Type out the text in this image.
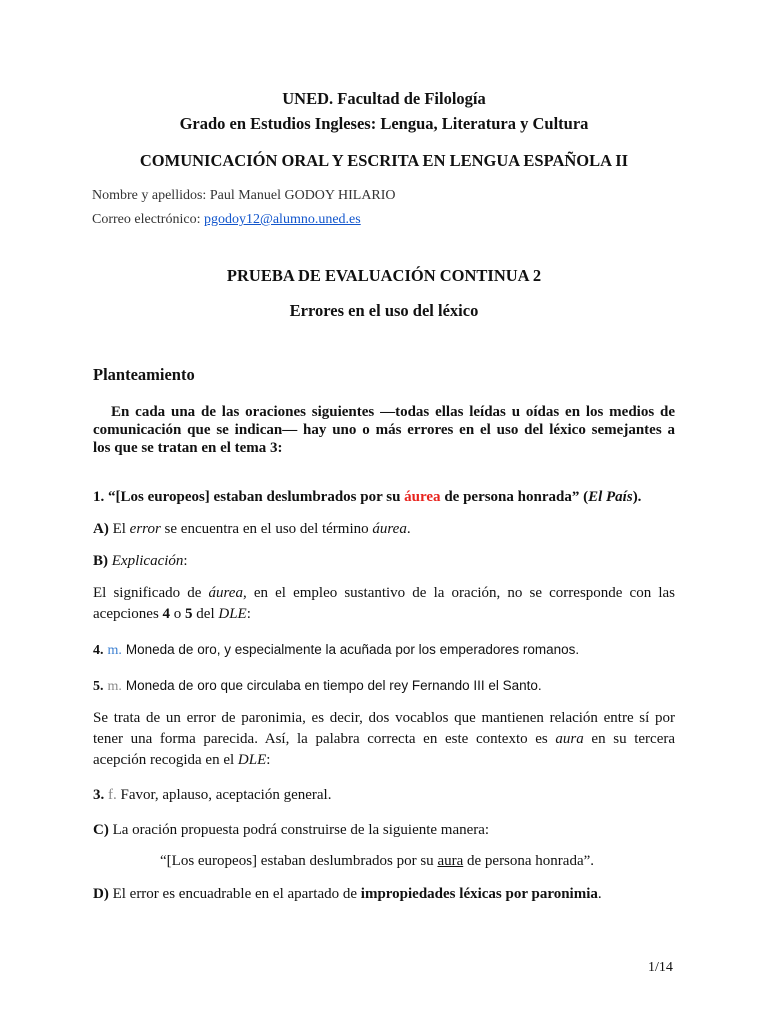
UNED. Facultad de Filología
Grado en Estudios Ingleses: Lengua, Literatura y Cultura
COMUNICACIÓN ORAL Y ESCRITA EN LENGUA ESPAÑOLA II
Nombre y apellidos: Paul Manuel GODOY HILARIO
Correo electrónico: pgodoy12@alumno.uned.es
PRUEBA DE EVALUACIÓN CONTINUA 2
Errores en el uso del léxico
Planteamiento
En cada una de las oraciones siguientes —todas ellas leídas u oídas en los medios de
comunicación que se indican— hay uno o más errores en el uso del léxico semejantes a
los que se tratan en el tema 3:
1. “[Los europeos] estaban deslumbrados por su áurea de persona honrada” (El País).
A) El error se encuentra en el uso del término áurea.
B) Explicación:
El significado de áurea, en el empleo sustantivo de la oración, no se corresponde con las
acepciones 4 o 5 del DLE:
4. m. Moneda de oro, y especialmente la acuñada por los emperadores romanos.
5. m. Moneda de oro que circulaba en tiempo del rey Fernando III el Santo.
Se trata de un error de paronimia, es decir, dos vocablos que mantienen relación entre sí por
tener una forma parecida. Así, la palabra correcta en este contexto es aura en su tercera
acepción recogida en el DLE:
3. f. Favor, aplauso, aceptación general.
C) La oración propuesta podrá construirse de la siguiente manera:
“[Los europeos] estaban deslumbrados por su aura de persona honrada”.
D) El error es encuadrable en el apartado de impropiedades léxicas por paronimia.
1/14
